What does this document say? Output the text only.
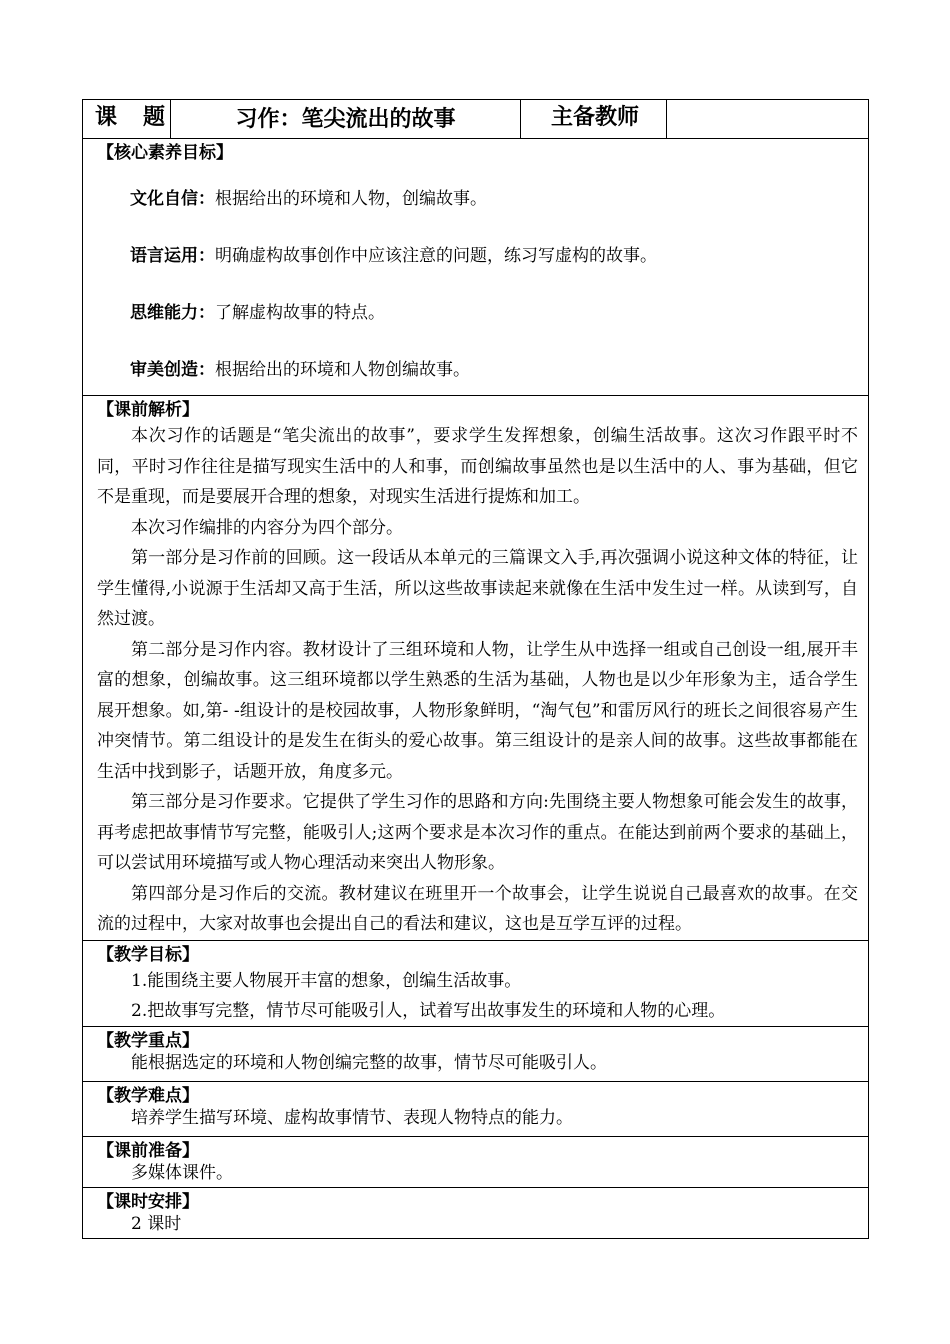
课 题	习作：笔尖流出的故事	主备教师	

【核心素养目标】
文化自信：根据给出的环境和人物，创编故事。
语言运用：明确虚构故事创作中应该注意的问题，练习写虚构的故事。
思维能力：了解虚构故事的特点。
审美创造：根据给出的环境和人物创编故事。

【课前解析】
本次习作的话题是“笔尖流出的故事”，要求学生发挥想象，创编生活故事。这次习作跟平时不同，平时习作往往是描写现实生活中的人和事，而创编故事虽然也是以生活中的人、事为基础，但它不是重现，而是要展开合理的想象，对现实生活进行提炼和加工。
本次习作编排的内容分为四个部分。
第一部分是习作前的回顾。这一段话从本单元的三篇课文入手,再次强调小说这种文体的特征，让学生懂得,小说源于生活却又高于生活，所以这些故事读起来就像在生活中发生过一样。从读到写，自然过渡。
第二部分是习作内容。教材设计了三组环境和人物，让学生从中选择一组或自己创设一组,展开丰富的想象，创编故事。这三组环境都以学生熟悉的生活为基础，人物也是以少年形象为主，适合学生展开想象。如,第- -组设计的是校园故事，人物形象鲜明，“淘气包”和雷厉风行的班长之间很容易产生冲突情节。第二组设计的是发生在街头的爱心故事。第三组设计的是亲人间的故事。这些故事都能在生活中找到影子，话题开放，角度多元。
第三部分是习作要求。它提供了学生习作的思路和方向:先围绕主要人物想象可能会发生的故事，再考虑把故事情节写完整，能吸引人;这两个要求是本次习作的重点。在能达到前两个要求的基础上，可以尝试用环境描写或人物心理活动来突出人物形象。
第四部分是习作后的交流。教材建议在班里开一个故事会，让学生说说自己最喜欢的故事。在交流的过程中，大家对故事也会提出自己的看法和建议，这也是互学互评的过程。

【教学目标】
1.能围绕主要人物展开丰富的想象，创编生活故事。
2.把故事写完整，情节尽可能吸引人，试着写出故事发生的环境和人物的心理。

【教学重点】
能根据选定的环境和人物创编完整的故事，情节尽可能吸引人。

【教学难点】
培养学生描写环境、虚构故事情节、表现人物特点的能力。

【课前准备】
多媒体课件。

【课时安排】
2 课时
